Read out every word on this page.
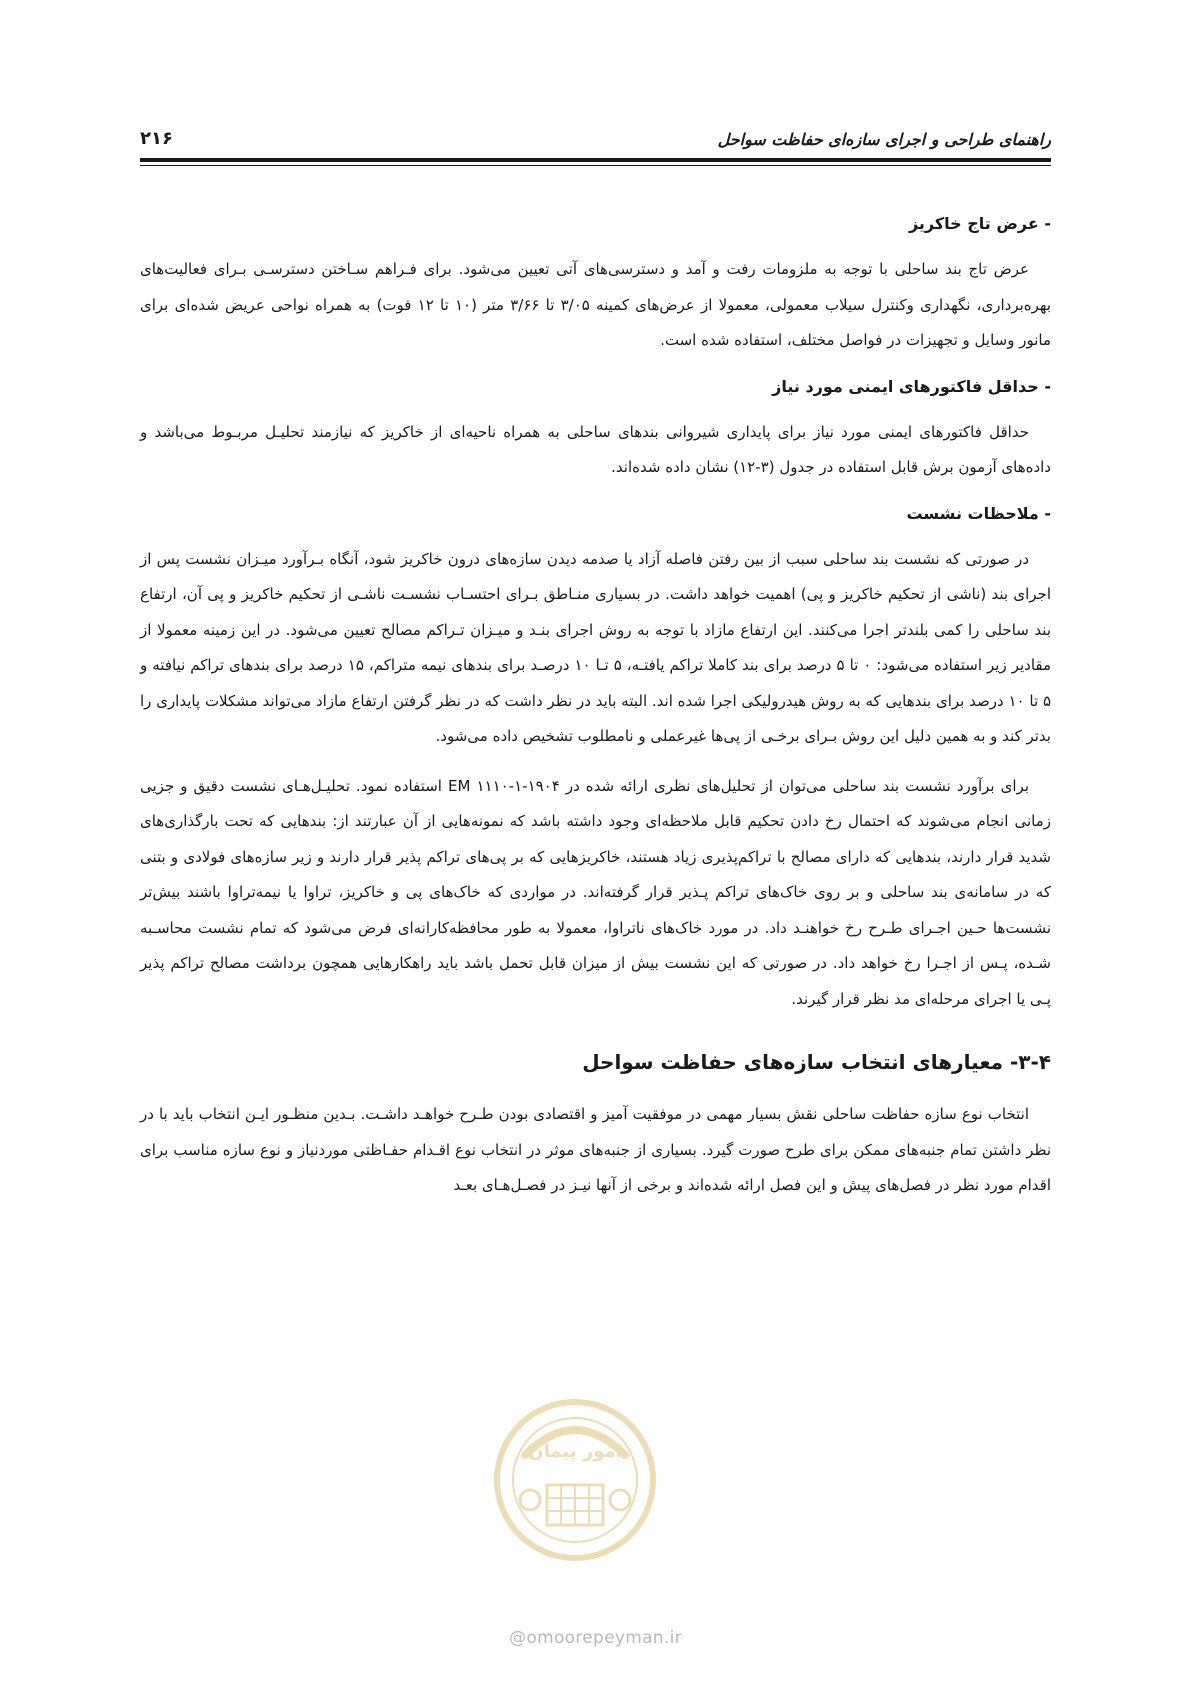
۲۱۶	راهنمای طراحی و اجرای سازه‌ای حفاظت سواحل
- عرض تاج خاکریز

عرض تاج بند ساحلی با توجه به ملزومات رفت و آمد و دسترسی‌های آتی تعیین می‌شود. برای فـراهم سـاختن دسترسـی بـرای فعالیت‌های بهره‌برداری، نگهداری وکنترل سیلاب معمولی، معمولا از عرض‌های کمینه ۳/۰۵ تا ۳/۶۶ متر (۱۰ تا ۱۲ فوت) به همراه نواحی عریض شده‌ای برای مانور وسایل و تجهیزات در فواصل مختلف، استفاده شده است.

- حداقل فاکتورهای ایمنی مورد نیاز

حداقل فاکتورهای ایمنی مورد نیاز برای پایداری شیروانی بندهای ساحلی به همراه ناحیه‌ای از خاکریز که نیازمند تحلیـل مربـوط می‌باشد و داده‌های آزمون برش قابل استفاده در جدول (۳-۱۲) نشان داده شده‌اند.

- ملاحظات نشست

در صورتی که نشست بند ساحلی سبب از بین رفتن فاصله آزاد یا صدمه دیدن سازه‌های درون خاکریز شود، آنگاه بـرآورد میـزان نشست پس از اجرای بند (ناشی از تحکیم خاکریز و پی) اهمیت خواهد داشت. در بسیاری منـاطق بـرای احتسـاب نشسـت ناشـی از تحکیم خاکریز و پی آن، ارتفاع بند ساحلی را کمی بلندتر اجرا می‌کنند. این ارتفاع مازاد با توجه به روش اجرای بنـد و میـزان تـراکم مصالح تعیین می‌شود. در این زمینه معمولا از مقادیر زیر استفاده می‌شود: ۰ تا ۵ درصد برای بند کاملا تراکم یافتـه، ۵ تـا ۱۰ درصـد برای بندهای نیمه متراکم، ۱۵ درصد برای بندهای تراکم نیافته و ۵ تا ۱۰ درصد برای بندهایی که به روش هیدرولیکی اجرا شده اند. البته باید در نظر داشت که در نظر گرفتن ارتفاع مازاد می‌تواند مشکلات پایداری را بدتر کند و به همین دلیل این روش بـرای برخـی از پی‌ها غیرعملی و نامطلوب تشخیص داده می‌شود.

برای برآورد نشست بند ساحلی می‌توان از تحلیل‌های نظری ارائه شده در EM ۱۱۱۰-۱-۱۹۰۴ استفاده نمود. تحلیـل‌هـای نشست دقیق و جزیی زمانی انجام می‌شوند که احتمال رخ دادن تحکیم قابل ملاحظه‌ای وجود داشته باشد که نمونه‌هایی از آن عبارتند از: بندهایی که تحت بارگذاری‌های شدید قرار دارند، بندهایی که دارای مصالح با تراکم‌پذیری زیاد هستند، خاکریزهایی که بر پی‌های تراکم پذیر قرار دارند و زیر سازه‌های فولادی و بتنی که در سامانه‌ی بند ساحلی و بر روی خاک‌های تراکم پـذیر قرار گرفته‌اند. در مواردی که خاک‌های پی و خاکریز، تراوا یا نیمه‌تراوا باشند بیش‌تر نشست‌ها حـین اجـرای طـرح رخ خواهنـد داد. در مورد خاک‌های ناتراوا، معمولا به طور محافظه‌کارانه‌ای فرض می‌شود که تمام نشست محاسـبه شـده، پـس از اجـرا رخ خواهد داد. در صورتی که این نشست بیش از میزان قابل تحمل باشد باید راهکارهایی همچون برداشت مصالح تراکم پذیر پـی یا اجرای مرحله‌ای مد نظر قرار گیرند.

۳-۴- معیارهای انتخاب سازه‌های حفاظت سواحل

انتخاب نوع سازه حفاظت ساحلی نقش بسیار مهمی در موفقیت آمیز و اقتصادی بودن طـرح خواهـد داشـت. بـدین منظـور ایـن انتخاب باید با در نظر داشتن تمام جنبه‌های ممکن برای طرح صورت گیرد. بسیاری از جنبه‌های موثر در انتخاب نوع اقـدام حفـاظتی موردنیاز و نوع سازه مناسب برای اقدام مورد نظر در فصل‌های پیش و این فصل ارائه شده‌اند و برخی از آنها نیـز در فصـل‌هـای بعـد

امور پیمان
@omoorepeyman.ir
